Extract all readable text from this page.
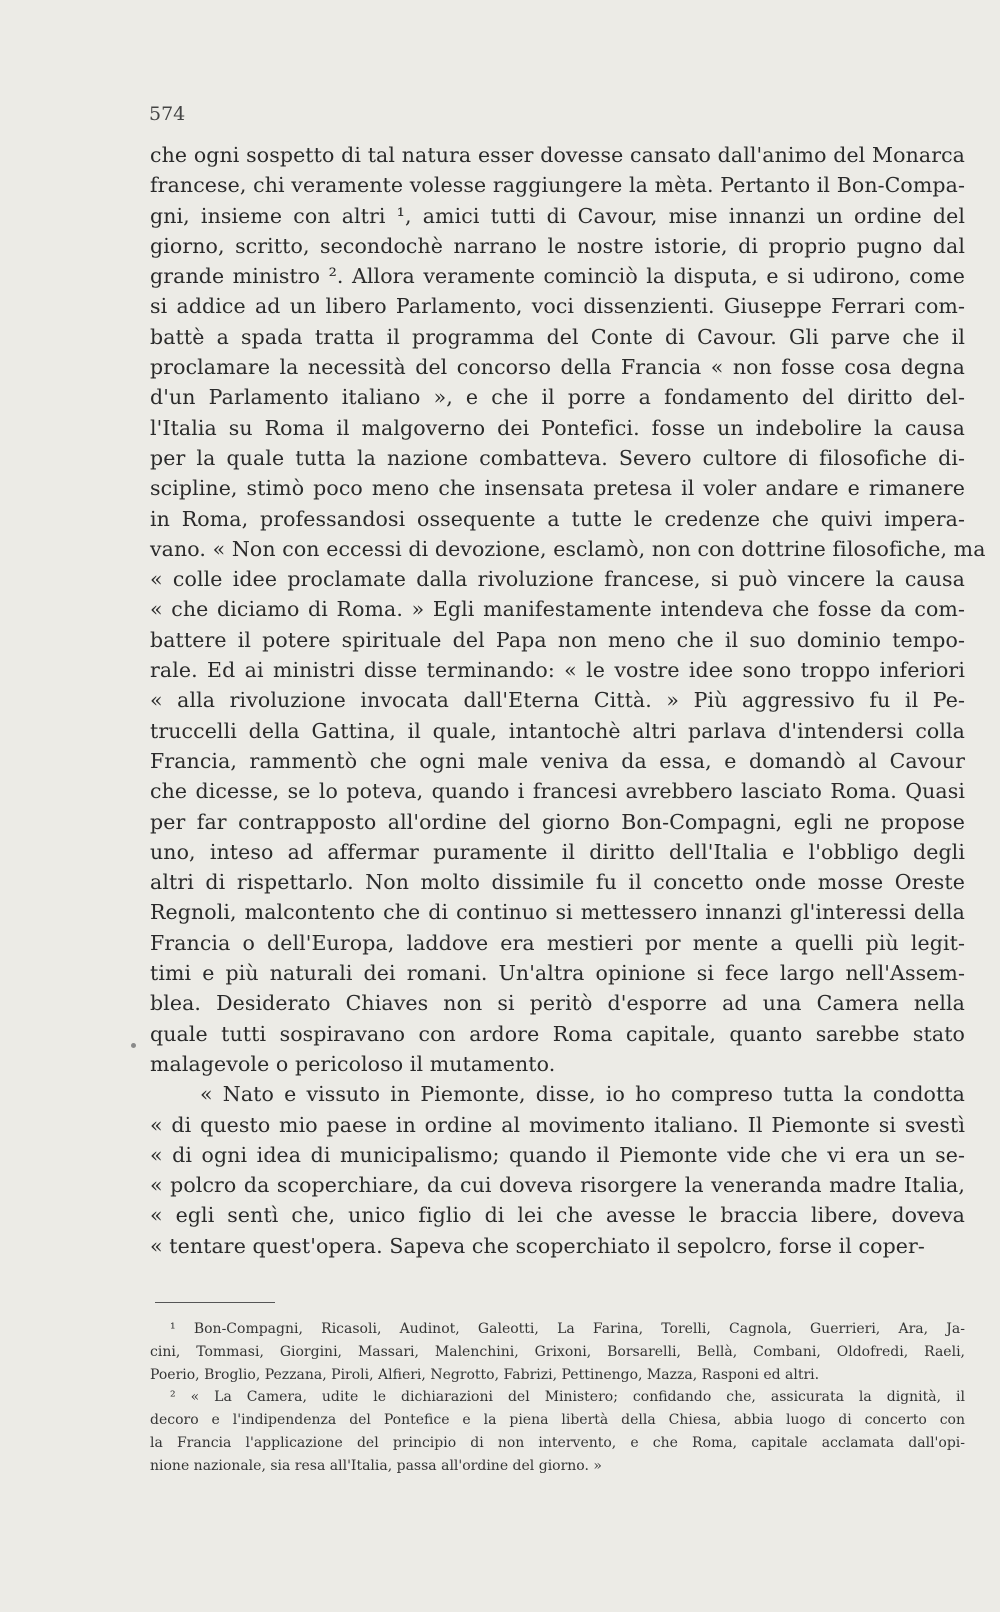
574
che ogni sospetto di tal natura esser dovesse cansato dall'animo del Monarca
francese, chi veramente volesse raggiungere la mèta. Pertanto il Bon-Compa-
gni, insieme con altri ¹, amici tutti di Cavour, mise innanzi un ordine del
giorno, scritto, secondochè narrano le nostre istorie, di proprio pugno dal
grande ministro ². Allora veramente cominciò la disputa, e si udirono, come
si addice ad un libero Parlamento, voci dissenzienti. Giuseppe Ferrari com-
battè a spada tratta il programma del Conte di Cavour. Gli parve che il
proclamare la necessità del concorso della Francia « non fosse cosa degna
d'un Parlamento italiano », e che il porre a fondamento del diritto del-
l'Italia su Roma il malgoverno dei Pontefici. fosse un indebolire la causa
per la quale tutta la nazione combatteva. Severo cultore di filosofiche di-
scipline, stimò poco meno che insensata pretesa il voler andare e rimanere
in Roma, professandosi ossequente a tutte le credenze che quivi impera-
vano. « Non con eccessi di devozione, esclamò, non con dottrine filosofiche, ma
« colle idee proclamate dalla rivoluzione francese, si può vincere la causa
« che diciamo di Roma. » Egli manifestamente intendeva che fosse da com-
battere il potere spirituale del Papa non meno che il suo dominio tempo-
rale. Ed ai ministri disse terminando: « le vostre idee sono troppo inferiori
« alla rivoluzione invocata dall'Eterna Città. » Più aggressivo fu il Pe-
truccelli della Gattina, il quale, intantochè altri parlava d'intendersi colla
Francia, rammentò che ogni male veniva da essa, e domandò al Cavour
che dicesse, se lo poteva, quando i francesi avrebbero lasciato Roma. Quasi
per far contrapposto all'ordine del giorno Bon-Compagni, egli ne propose
uno, inteso ad affermar puramente il diritto dell'Italia e l'obbligo degli
altri di rispettarlo. Non molto dissimile fu il concetto onde mosse Oreste
Regnoli, malcontento che di continuo si mettessero innanzi gl'interessi della
Francia o dell'Europa, laddove era mestieri por mente a quelli più legit-
timi e più naturali dei romani. Un'altra opinione si fece largo nell'Assem-
blea. Desiderato Chiaves non si peritò d'esporre ad una Camera nella
quale tutti sospiravano con ardore Roma capitale, quanto sarebbe stato
malagevole o pericoloso il mutamento.
« Nato e vissuto in Piemonte, disse, io ho compreso tutta la condotta
« di questo mio paese in ordine al movimento italiano. Il Piemonte si svestì
« di ogni idea di municipalismo; quando il Piemonte vide che vi era un se-
« polcro da scoperchiare, da cui doveva risorgere la veneranda madre Italia,
« egli sentì che, unico figlio di lei che avesse le braccia libere, doveva
« tentare quest'opera. Sapeva che scoperchiato il sepolcro, forse il coper-
¹ Bon-Compagni, Ricasoli, Audinot, Galeotti, La Farina, Torelli, Cagnola, Guerrieri, Ara, Ja-
cini, Tommasi, Giorgini, Massari, Malenchini, Grixoni, Borsarelli, Bellà, Combani, Oldofredi, Raeli,
Poerio, Broglio, Pezzana, Piroli, Alfieri, Negrotto, Fabrizi, Pettinengo, Mazza, Rasponi ed altri.
² « La Camera, udite le dichiarazioni del Ministero; confidando che, assicurata la dignità, il
decoro e l'indipendenza del Pontefice e la piena libertà della Chiesa, abbia luogo di concerto con
la Francia l'applicazione del principio di non intervento, e che Roma, capitale acclamata dall'opi-
nione nazionale, sia resa all'Italia, passa all'ordine del giorno. »
